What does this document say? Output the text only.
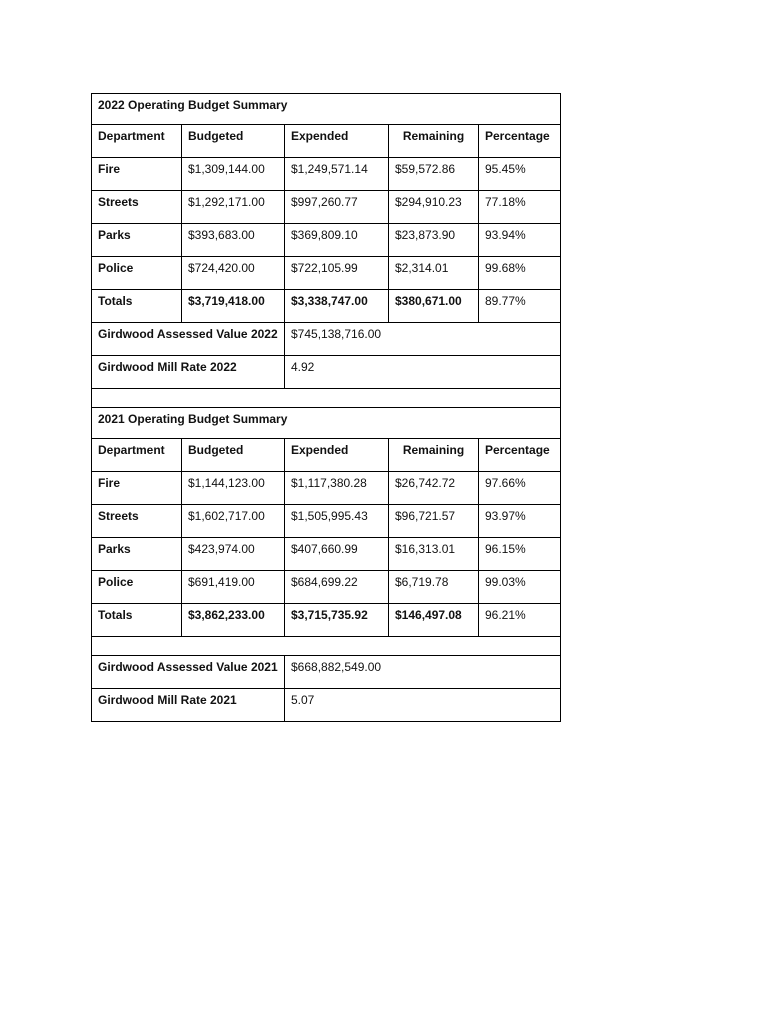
2022 Operating Budget Summary				
Department	Budgeted	Expended	Remaining	Percentage
Fire	$1,309,144.00	$1,249,571.14	$59,572.86	95.45%
Streets	$1,292,171.00	$997,260.77	$294,910.23	77.18%
Parks	$393,683.00	$369,809.10	$23,873.90	93.94%
Police	$724,420.00	$722,105.99	$2,314.01	99.68%
Totals	$3,719,418.00	$3,338,747.00	$380,671.00	89.77%
Girdwood Assessed Value 2022		$745,138,716.00		
Girdwood Mill Rate 2022		4.92		

2021 Operating Budget Summary				
Department	Budgeted	Expended	Remaining	Percentage
Fire	$1,144,123.00	$1,117,380.28	$26,742.72	97.66%
Streets	$1,602,717.00	$1,505,995.43	$96,721.57	93.97%
Parks	$423,974.00	$407,660.99	$16,313.01	96.15%
Police	$691,419.00	$684,699.22	$6,719.78	99.03%
Totals	$3,862,233.00	$3,715,735.92	$146,497.08	96.21%

Girdwood Assessed Value 2021		$668,882,549.00		
Girdwood Mill Rate 2021		5.07		
